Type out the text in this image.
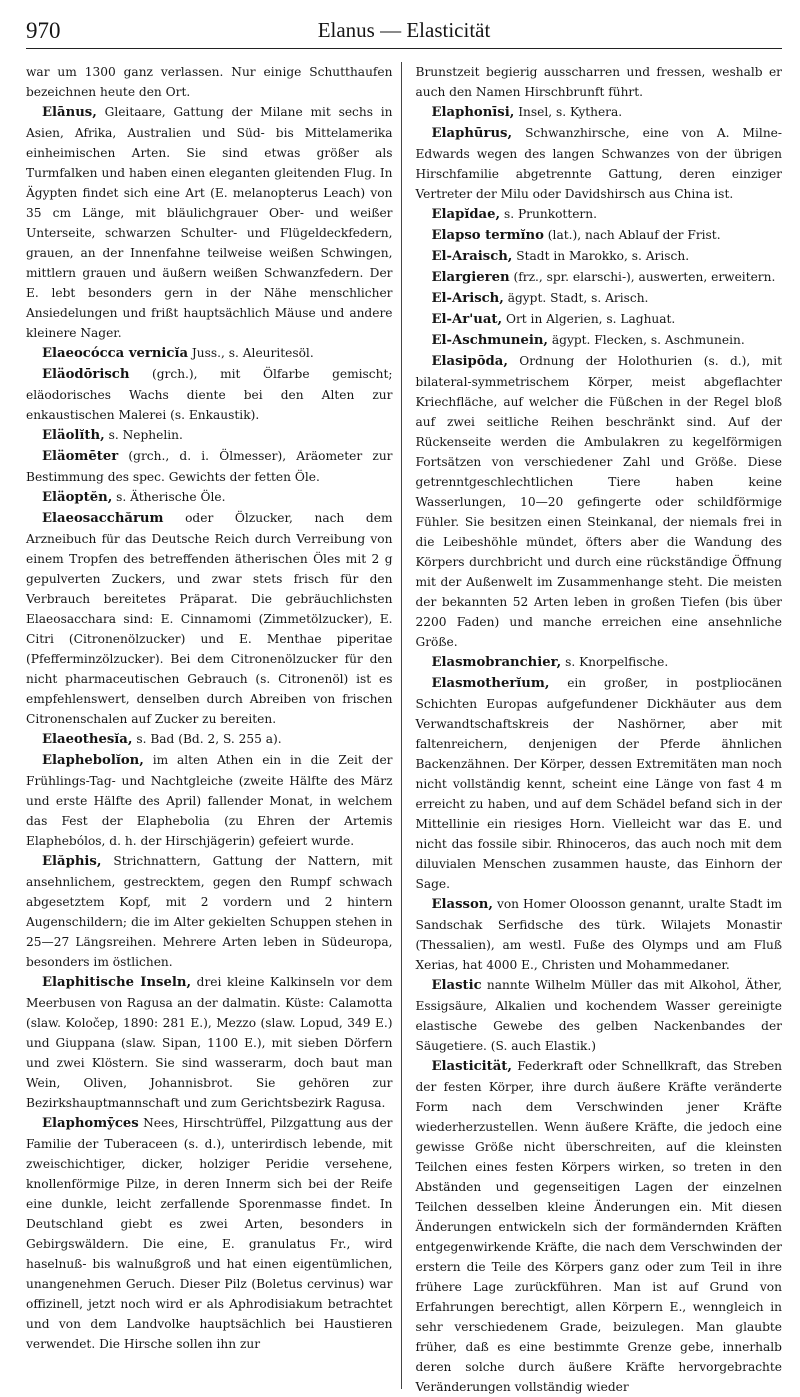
970	Elanus — Elasticität

war um 1300 ganz verlassen. Nur einige Schutthaufen bezeichnen heute den Ort.

Elānus, Gleitaare, Gattung der Milane mit sechs in Asien, Afrika, Australien und Süd- bis Mittelamerika einheimischen Arten. Sie sind etwas größer als Turmfalken und haben einen eleganten gleitenden Flug. In Ägypten findet sich eine Art (E. melanopterus Leach) von 35 cm Länge, mit bläulichgrauer Ober- und weißer Unterseite, schwarzen Schulter- und Flügeldeckfedern, grauen, an der Innenfahne teilweise weißen Schwingen, mittlern grauen und äußern weißen Schwanzfedern. Der E. lebt besonders gern in der Nähe menschlicher Ansiedelungen und frißt hauptsächlich Mäuse und andere kleinere Nager.

Elaeocócca vernicĭa Juss., s. Aleuritesöl.

Eläodōrisch (grch.), mit Ölfarbe gemischt; eläodorisches Wachs diente bei den Alten zur enkaustischen Malerei (s. Enkaustik).

Eläolĭth, s. Nephelin.

Eläomēter (grch., d. i. Ölmesser), Aräometer zur Bestimmung des spec. Gewichts der fetten Öle.

Eläoptĕn, s. Ätherische Öle.

Elaeosacchărum oder Ölzucker, nach dem Arzneibuch für das Deutsche Reich durch Verreibung von einem Tropfen des betreffenden ätherischen Öles mit 2 g gepulverten Zuckers, und zwar stets frisch für den Verbrauch bereitetes Präparat. Die gebräuchlichsten Elaeosacchara sind: E. Cinnamomi (Zimmetölzucker), E. Citri (Citronenölzucker) und E. Menthae piperitae (Pfefferminzölzucker). Bei dem Citronenölzucker für den nicht pharmaceutischen Gebrauch (s. Citronenöl) ist es empfehlenswert, denselben durch Abreiben von frischen Citronenschalen auf Zucker zu bereiten.

Elaeothesĭa, s. Bad (Bd. 2, S. 255 a).

Elaphebolĭon, im alten Athen ein in die Zeit der Frühlings-Tag- und Nachtgleiche (zweite Hälfte des März und erste Hälfte des April) fallender Monat, in welchem das Fest der Elaphebolia (zu Ehren der Artemis Elaphebólos, d. h. der Hirschjägerin) gefeiert wurde.

Elăphis, Strichnattern, Gattung der Nattern, mit ansehnlichem, gestrecktem, gegen den Rumpf schwach abgesetztem Kopf, mit 2 vordern und 2 hintern Augenschildern; die im Alter gekielten Schuppen stehen in 25—27 Längsreihen. Mehrere Arten leben in Südeuropa, besonders im östlichen.

Elaphitische Inseln, drei kleine Kalkinseln vor dem Meerbusen von Ragusa an der dalmatin. Küste: Calamotta (slaw. Koločep, 1890: 281 E.), Mezzo (slaw. Lopud, 349 E.) und Giuppana (slaw. Sipan, 1100 E.), mit sieben Dörfern und zwei Klöstern. Sie sind wasserarm, doch baut man Wein, Oliven, Johannisbrot. Sie gehören zur Bezirkshauptmannschaft und zum Gerichtsbezirk Ragusa.

Elaphomȳces Nees, Hirschtrüffel, Pilzgattung aus der Familie der Tuberaceen (s. d.), unterirdisch lebende, mit zweischichtiger, dicker, holziger Peridie versehene, knollenförmige Pilze, in deren Innerm sich bei der Reife eine dunkle, leicht zerfallende Sporenmasse findet. In Deutschland giebt es zwei Arten, besonders in Gebirgswäldern. Die eine, E. granulatus Fr., wird haselnuß- bis walnußgroß und hat einen eigentümlichen, unangenehmen Geruch. Dieser Pilz (Boletus cervinus) war offizinell, jetzt noch wird er als Aphrodisiakum betrachtet und von dem Landvolke hauptsächlich bei Haustieren verwendet. Die Hirsche sollen ihn zur

Brunstzeit begierig ausscharren und fressen, weshalb er auch den Namen Hirschbrunft führt.

Elaphonīsi, Insel, s. Kythera.

Elaphūrus, Schwanzhirsche, eine von A. Milne-Edwards wegen des langen Schwanzes von der übrigen Hirschfamilie abgetrennte Gattung, deren einziger Vertreter der Milu oder Davidshirsch aus China ist.

Elapĭdae, s. Prunkottern.

Elapso termĭno (lat.), nach Ablauf der Frist.

El-Araisch, Stadt in Marokko, s. Arisch.

Elargieren (frz., spr. elarschi-), auswerten, erweitern.

El-Arisch, ägypt. Stadt, s. Arisch.

El-Ar'uat, Ort in Algerien, s. Laghuat.

El-Aschmunein, ägypt. Flecken, s. Aschmunein.

Elasipōda, Ordnung der Holothurien (s. d.), mit bilateral-symmetrischem Körper, meist abgeflachter Kriechfläche, auf welcher die Füßchen in der Regel bloß auf zwei seitliche Reihen beschränkt sind. Auf der Rückenseite werden die Ambulakren zu kegelförmigen Fortsätzen von verschiedener Zahl und Größe. Diese getrenntgeschlechtlichen Tiere haben keine Wasserlungen, 10—20 gefingerte oder schildförmige Fühler. Sie besitzen einen Steinkanal, der niemals frei in die Leibeshöhle mündet, öfters aber die Wandung des Körpers durchbricht und durch eine rückständige Öffnung mit der Außenwelt im Zusammenhange steht. Die meisten der bekannten 52 Arten leben in großen Tiefen (bis über 2200 Faden) und manche erreichen eine ansehnliche Größe.

Elasmobranchier, s. Knorpelfische.

Elasmotherĭum, ein großer, in postpliocänen Schichten Europas aufgefundener Dickhäuter aus dem Verwandtschaftskreis der Nashörner, aber mit faltenreichern, denjenigen der Pferde ähnlichen Backenzähnen. Der Körper, dessen Extremitäten man noch nicht vollständig kennt, scheint eine Länge von fast 4 m erreicht zu haben, und auf dem Schädel befand sich in der Mittellinie ein riesiges Horn. Vielleicht war das E. und nicht das fossile sibir. Rhinoceros, das auch noch mit dem diluvialen Menschen zusammen hauste, das Einhorn der Sage.

Elasson, von Homer Oloosson genannt, uralte Stadt im Sandschak Serfidsche des türk. Wilajets Monastir (Thessalien), am westl. Fuße des Olymps und am Fluß Xerias, hat 4000 E., Christen und Mohammedaner.

Elastic nannte Wilhelm Müller das mit Alkohol, Äther, Essigsäure, Alkalien und kochendem Wasser gereinigte elastische Gewebe des gelben Nackenbandes der Säugetiere. (S. auch Elastik.)

Elasticität, Federkraft oder Schnellkraft, das Streben der festen Körper, ihre durch äußere Kräfte veränderte Form nach dem Verschwinden jener Kräfte wiederherzustellen. Wenn äußere Kräfte, die jedoch eine gewisse Größe nicht überschreiten, auf die kleinsten Teilchen eines festen Körpers wirken, so treten in den Abständen und gegenseitigen Lagen der einzelnen Teilchen desselben kleine Änderungen ein. Mit diesen Änderungen entwickeln sich der formändernden Kräften entgegenwirkende Kräfte, die nach dem Verschwinden der erstern die Teile des Körpers ganz oder zum Teil in ihre frühere Lage zurückführen. Man ist auf Grund von Erfahrungen berechtigt, allen Körpern E., wenngleich in sehr verschiedenem Grade, beizulegen. Man glaubte früher, daß es eine bestimmte Grenze gebe, innerhalb deren solche durch äußere Kräfte hervorgebrachte Veränderungen vollständig wieder
